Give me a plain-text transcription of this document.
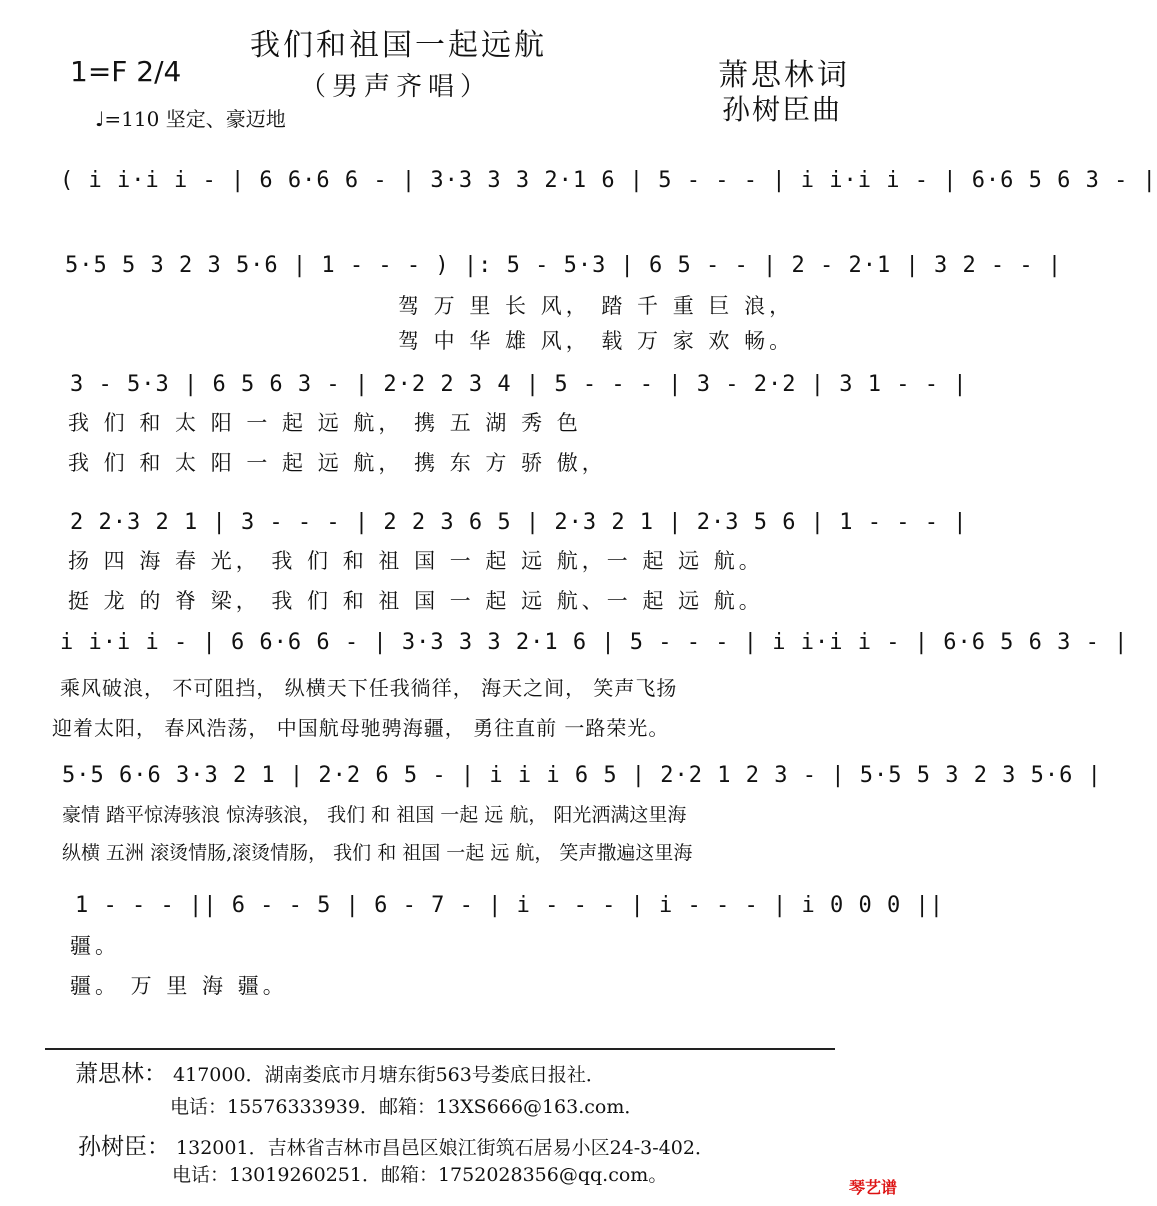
我们和祖国一起远航
（男声齐唱）
1=F 2/4
♩=110 坚定、豪迈地
萧思林词
孙树臣曲
( i i·i i - | 6 6·6 6 - | 3·3 3 3 2·1 6 | 5 - - - | i i·i i - | 6·6 5 6 3 - |
5·5 5 3 2 3 5·6 | 1 - - - ) |: 5 - 5·3 | 6 5 - - | 2 - 2·1 | 3 2 - - |
驾 万 里 长 风， 踏 千 重 巨 浪，
驾 中 华 雄 风， 载 万 家 欢 畅。
3 - 5·3 | 6 5 6 3 - | 2·2 2 3 4 | 5 - - - | 3 - 2·2 | 3 1 - - |
我 们 和 太 阳 一 起 远 航， 携 五 湖 秀 色
我 们 和 太 阳 一 起 远 航， 携 东 方 骄 傲，
2 2·3 2 1 | 3 - - - | 2 2 3 6 5 | 2·3 2 1 | 2·3 5 6 | 1 - - - |
扬 四 海 春 光， 我 们 和 祖 国 一 起 远 航，一 起 远 航。
挺 龙 的 脊 梁， 我 们 和 祖 国 一 起 远 航、一 起 远 航。
i i·i i - | 6 6·6 6 - | 3·3 3 3 2·1 6 | 5 - - - | i i·i i - | 6·6 5 6 3 - |
乘风破浪， 不可阻挡， 纵横天下任我徜徉， 海天之间， 笑声飞扬
迎着太阳， 春风浩荡， 中国航母驰骋海疆， 勇往直前 一路荣光。
5·5 6·6 3·3 2 1 | 2·2 6 5 - | i i i 6 5 | 2·2 1 2 3 - | 5·5 5 3 2 3 5·6 |
豪情 踏平惊涛骇浪 惊涛骇浪， 我们 和 祖国 一起 远 航， 阳光洒满这里海
纵横 五洲 滚烫情肠,滚烫情肠， 我们 和 祖国 一起 远 航， 笑声撒遍这里海
1 - - - || 6 - - 5 | 6 - 7 - | i - - - | i - - - | i 0 0 0 ||
疆。
疆。 万 里 海 疆。
萧思林： 417000．湖南娄底市月塘东街563号娄底日报社．
电话：15576333939．邮箱：13XS666@163.com．
孙树臣： 132001．吉林省吉林市昌邑区娘江街筑石居易小区24-3-402．
电话：13019260251．邮箱：1752028356@qq.com。
琴艺谱
